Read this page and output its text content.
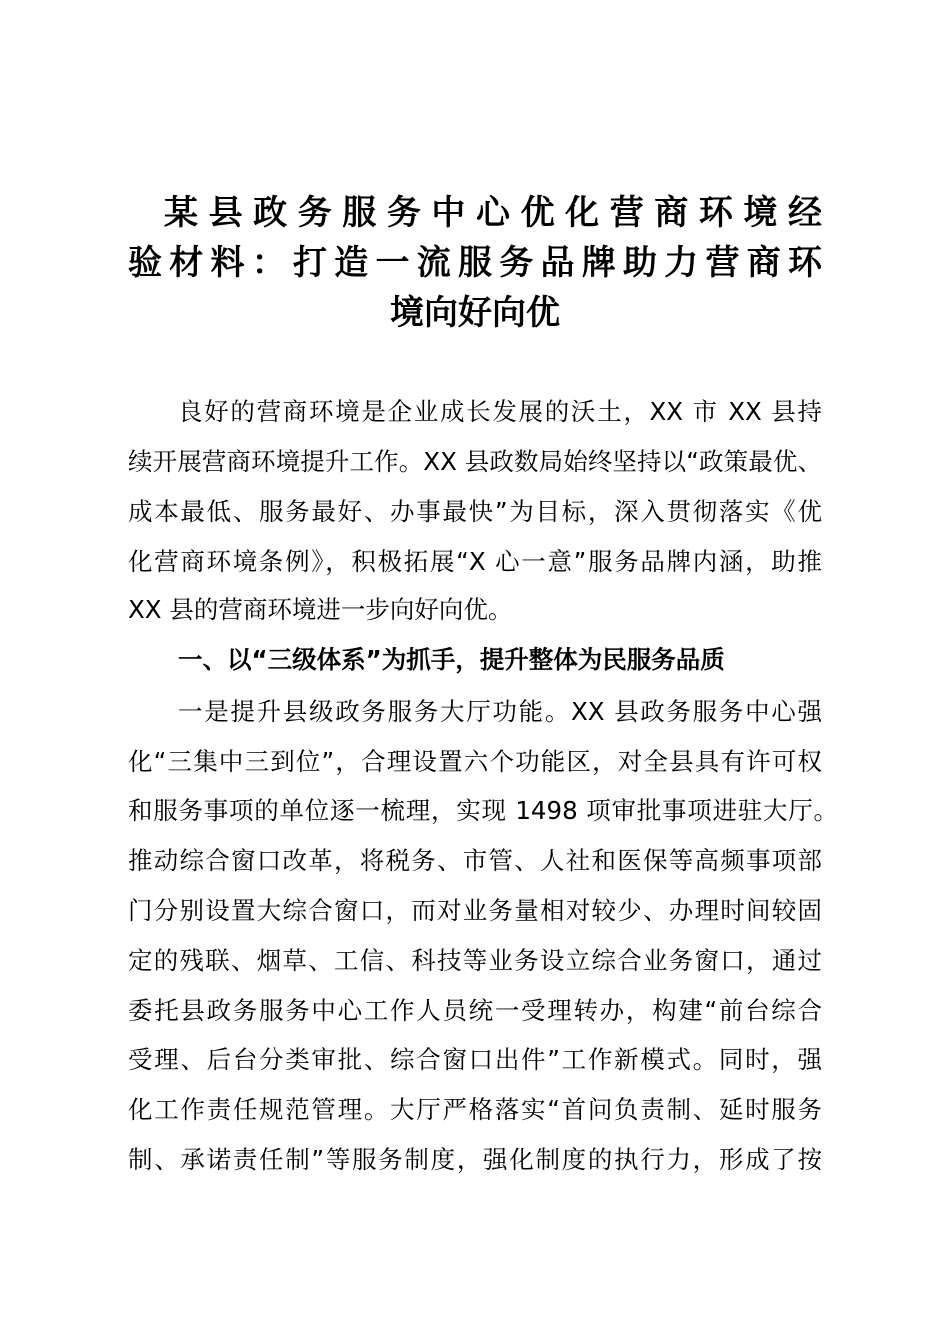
某县政务服务中心优化营商环境经
验材料：打造一流服务品牌助力营商环
境向好向优
良好的营商环境是企业成长发展的沃土，XX 市 XX 县持
续开展营商环境提升工作。XX 县政数局始终坚持以“政策最优、
成本最低、服务最好、办事最快”为目标，深入贯彻落实《优
化营商环境条例》，积极拓展“X 心一意”服务品牌内涵，助推
XX 县的营商环境进一步向好向优。
一、以“三级体系”为抓手，提升整体为民服务品质
一是提升县级政务服务大厅功能。XX 县政务服务中心强
化“三集中三到位”，合理设置六个功能区，对全县具有许可权
和服务事项的单位逐一梳理，实现 1498 项审批事项进驻大厅。
推动综合窗口改革，将税务、市管、人社和医保等高频事项部
门分别设置大综合窗口，而对业务量相对较少、办理时间较固
定的残联、烟草、工信、科技等业务设立综合业务窗口，通过
委托县政务服务中心工作人员统一受理转办，构建“前台综合
受理、后台分类审批、综合窗口出件”工作新模式。同时，强
化工作责任规范管理。大厅严格落实“首问负责制、延时服务
制、承诺责任制”等服务制度，强化制度的执行力，形成了按
